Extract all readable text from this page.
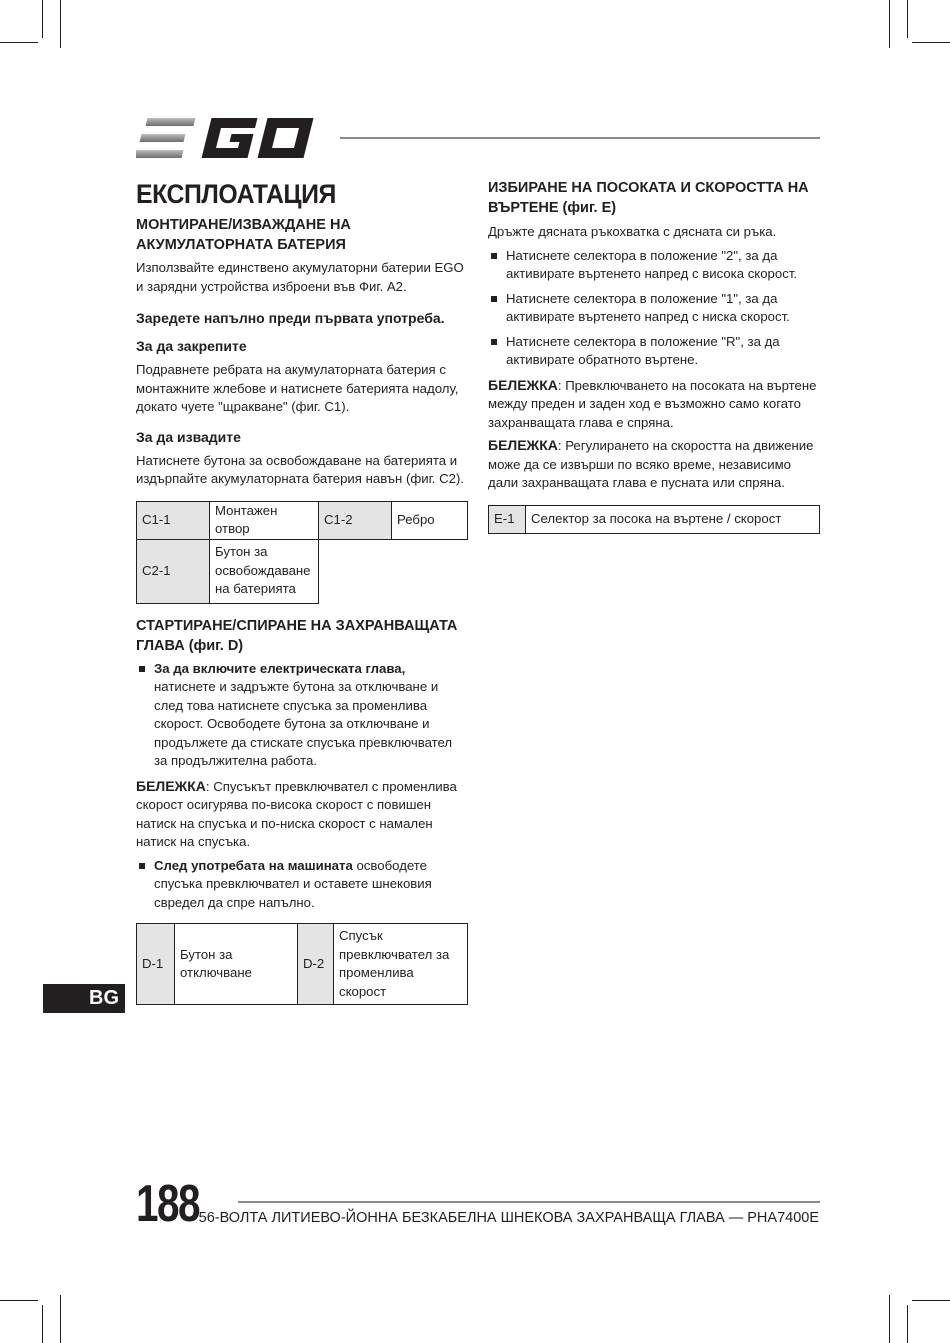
ЕКСПЛОАТАЦИЯ
МОНТИРАНЕ/ИЗВАЖДАНЕ НА АКУМУЛАТОРНАТА БАТЕРИЯ

Използвайте единствено акумулаторни батерии EGO и зарядни устройства изброени във Фиг. A2.

Заредете напълно преди първата употреба.
За да закрепите

Подравнете ребрата на акумулаторната батерия с монтажните жлебове и натиснете батерията надолу, докато чуете "щракване" (фиг. C1).

За да извадите

Натиснете бутона за освобождаване на батерията и издърпайте акумулаторната батерия навън (фиг. C2).

C1-1	Монтажен отвор	C1-2	Ребро
C2-1	Бутон за освобождаване на батерията		
СТАРТИРАНЕ/СПИРАНЕ НА ЗАХРАНВАЩАТА ГЛАВА (фиг. D)
За да включите електрическата глава, натиснете и задръжте бутона за отключване и след това натиснете спусъка за променлива скорост. Освободете бутона за отключване и продължете да стискате спусъка превключвател за продължителна работа.

БЕЛЕЖКА: Спусъкът превключвател с променлива скорост осигурява по-висока скорост с повишен натиск на спусъка и по-ниска скорост с намален натиск на спусъка.

След употребата на машината освободете спусъка превключвател и оставете шнековия свредел да спре напълно.
D-1	Бутон за отключване	D-2	Спусък превключвател за променлива скорост
ИЗБИРАНЕ НА ПОСОКАТА И СКОРОСТТА НА ВЪРТЕНЕ (фиг. E)

Дръжте дясната ръкохватка с дясната си ръка.

Натиснете селектора в положение "2", за да активирате въртенето напред с висока скорост.
Натиснете селектора в положение "1", за да активирате въртенето напред с ниска скорост.
Натиснете селектора в положение "R", за да активирате обратното въртене.

БЕЛЕЖКА: Превключването на посоката на въртене между преден и заден ход е възможно само когато захранващата глава е спряна.

БЕЛЕЖКА: Регулирането на скоростта на движение може да се извърши по всяко време, независимо дали захранващата глава е пусната или спряна.

E-1	Селектор за посока на въртене / скорост
BG
188 56-ВОЛТА ЛИТИЕВО-ЙОННА БЕЗКАБЕЛНА ШНЕКОВА ЗАХРАНВАЩА ГЛАВА — PHA7400E
